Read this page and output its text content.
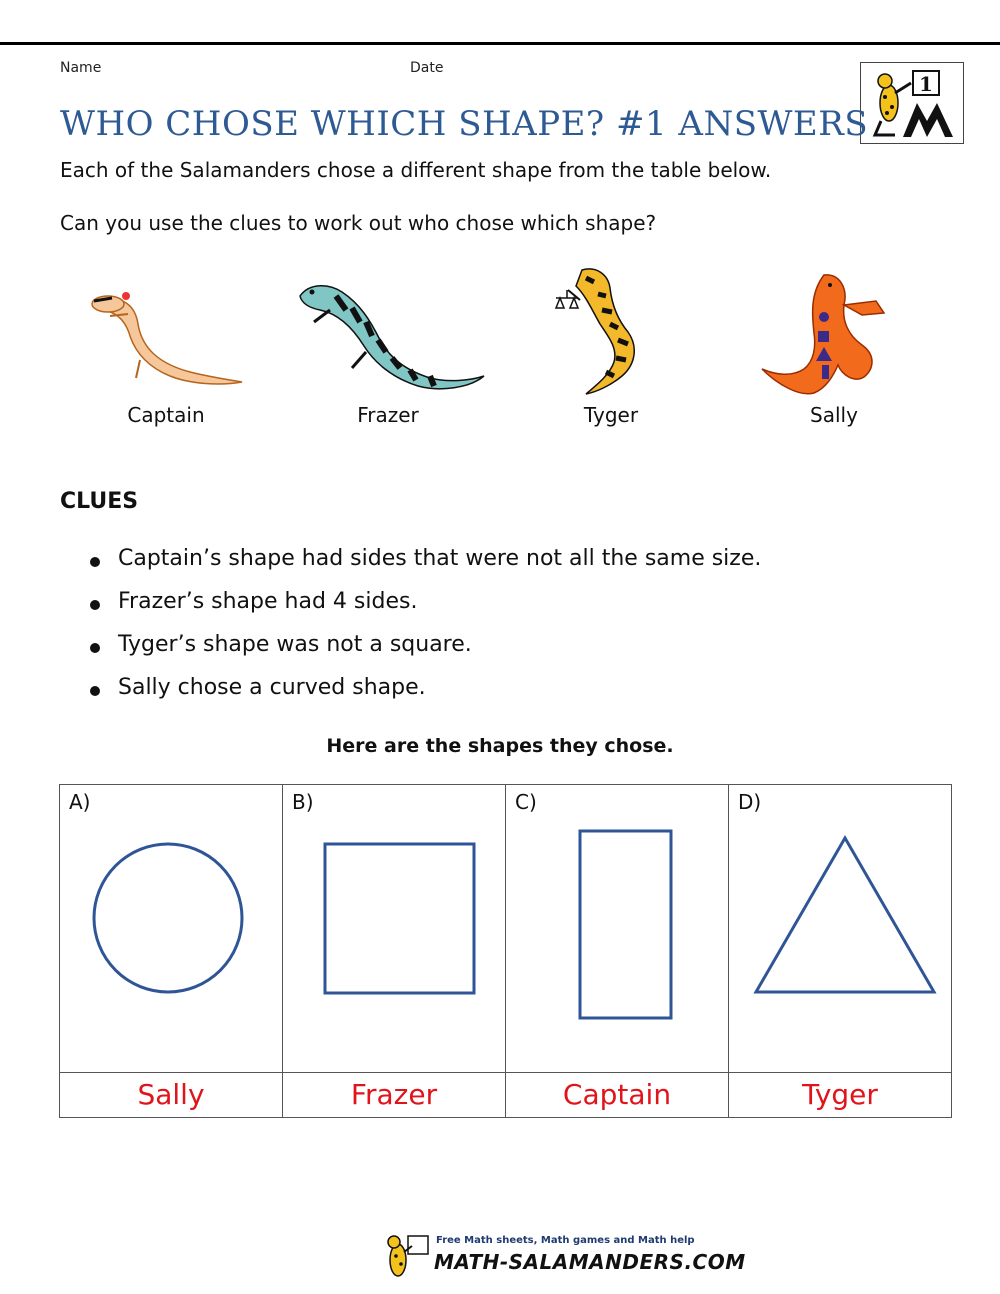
Name	Date
1
WHO CHOSE WHICH SHAPE? #1 ANSWERS
Each of the Salamanders chose a different shape from the table below.
Can you use the clues to work out who chose which shape?
Captain	Frazer	Tyger	Sally
CLUES
Captain’s shape had sides that were not all the same size.
Frazer’s shape had 4 sides.
Tyger’s shape was not a square.
Sally chose a curved shape.
Here are the shapes they chose.
A)	B)	C)	D)

Sally	Frazer	Captain	Tyger
Free Math sheets, Math games and Math help
MATH-SALAMANDERS.COM
